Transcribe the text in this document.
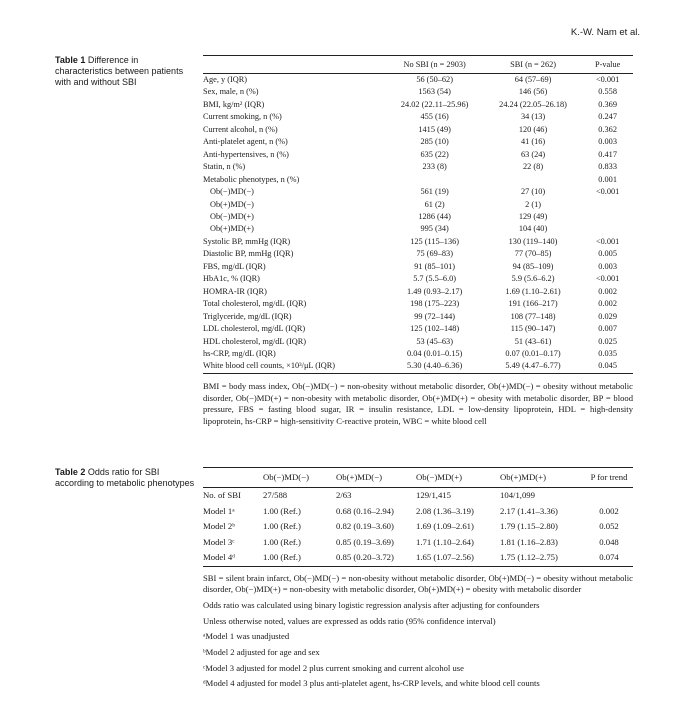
K.-W. Nam et al.
Table 1 Difference in characteristics between patients with and without SBI
	No SBI (n = 2903)	SBI (n = 262)	P-value
Age, y (IQR)	56 (50–62)	64 (57–69)	<0.001
Sex, male, n (%)	1563 (54)	146 (56)	0.558
BMI, kg/m² (IQR)	24.02 (22.11–25.96)	24.24 (22.05–26.18)	0.369
Current smoking, n (%)	455 (16)	34 (13)	0.247
Current alcohol, n (%)	1415 (49)	120 (46)	0.362
Anti-platelet agent, n (%)	285 (10)	41 (16)	0.003
Anti-hypertensives, n (%)	635 (22)	63 (24)	0.417
Statin, n (%)	233 (8)	22 (8)	0.833
Metabolic phenotypes, n (%)			0.001
Ob(−)MD(−)	561 (19)	27 (10)	<0.001
Ob(+)MD(−)	61 (2)	2 (1)	
Ob(−)MD(+)	1286 (44)	129 (49)	
Ob(+)MD(+)	995 (34)	104 (40)	
Systolic BP, mmHg (IQR)	125 (115–136)	130 (119–140)	<0.001
Diastolic BP, mmHg (IQR)	75 (69–83)	77 (70–85)	0.005
FBS, mg/dL (IQR)	91 (85–101)	94 (85–109)	0.003
HbA1c, % (IQR)	5.7 (5.5–6.0)	5.9 (5.6–6.2)	<0.001
HOMRA-IR (IQR)	1.49 (0.93–2.17)	1.69 (1.10–2.61)	0.002
Total cholesterol, mg/dL (IQR)	198 (175–223)	191 (166–217)	0.002
Triglyceride, mg/dL (IQR)	99 (72–144)	108 (77–148)	0.029
LDL cholesterol, mg/dL (IQR)	125 (102–148)	115 (90–147)	0.007
HDL cholesterol, mg/dL (IQR)	53 (45–63)	51 (43–61)	0.025
hs-CRP, mg/dL (IQR)	0.04 (0.01–0.15)	0.07 (0.01–0.17)	0.035
White blood cell counts, ×10³/μL (IQR)	5.30 (4.40–6.36)	5.49 (4.47–6.77)	0.045
BMI = body mass index, Ob(−)MD(−) = non-obesity without metabolic disorder, Ob(+)MD(−) = obesity without metabolic disorder, Ob(−)MD(+) = non-obesity with metabolic disorder, Ob(+)MD(+) = obesity with metabolic disorder, BP = blood pressure, FBS = fasting blood sugar, IR = insulin resistance, LDL = low-density lipoprotein, HDL = high-density lipoprotein, hs-CRP = high-sensitivity C-reactive protein, WBC = white blood cell
Table 2 Odds ratio for SBI according to metabolic phenotypes
	Ob(−)MD(−)	Ob(+)MD(−)	Ob(−)MD(+)	Ob(+)MD(+)	P for trend
No. of SBI	27/588	2/63	129/1,415	104/1,099	
Model 1ᵃ	1.00 (Ref.)	0.68 (0.16–2.94)	2.08 (1.36–3.19)	2.17 (1.41–3.36)	0.002
Model 2ᵇ	1.00 (Ref.)	0.82 (0.19–3.60)	1.69 (1.09–2.61)	1.79 (1.15–2.80)	0.052
Model 3ᶜ	1.00 (Ref.)	0.85 (0.19–3.69)	1.71 (1.10–2.64)	1.81 (1.16–2.83)	0.048
Model 4ᵈ	1.00 (Ref.)	0.85 (0.20–3.72)	1.65 (1.07–2.56)	1.75 (1.12–2.75)	0.074
SBI = silent brain infarct, Ob(−)MD(−) = non-obesity without metabolic disorder, Ob(+)MD(−) = obesity without metabolic disorder, Ob(−)MD(+) = non-obesity with metabolic disorder, Ob(+)MD(+) = obesity with metabolic disorder
Odds ratio was calculated using binary logistic regression analysis after adjusting for confounders
Unless otherwise noted, values are expressed as odds ratio (95% confidence interval)
ᵃModel 1 was unadjusted
ᵇModel 2 adjusted for age and sex
ᶜModel 3 adjusted for model 2 plus current smoking and current alcohol use
ᵈModel 4 adjusted for model 3 plus anti-platelet agent, hs-CRP levels, and white blood cell counts
